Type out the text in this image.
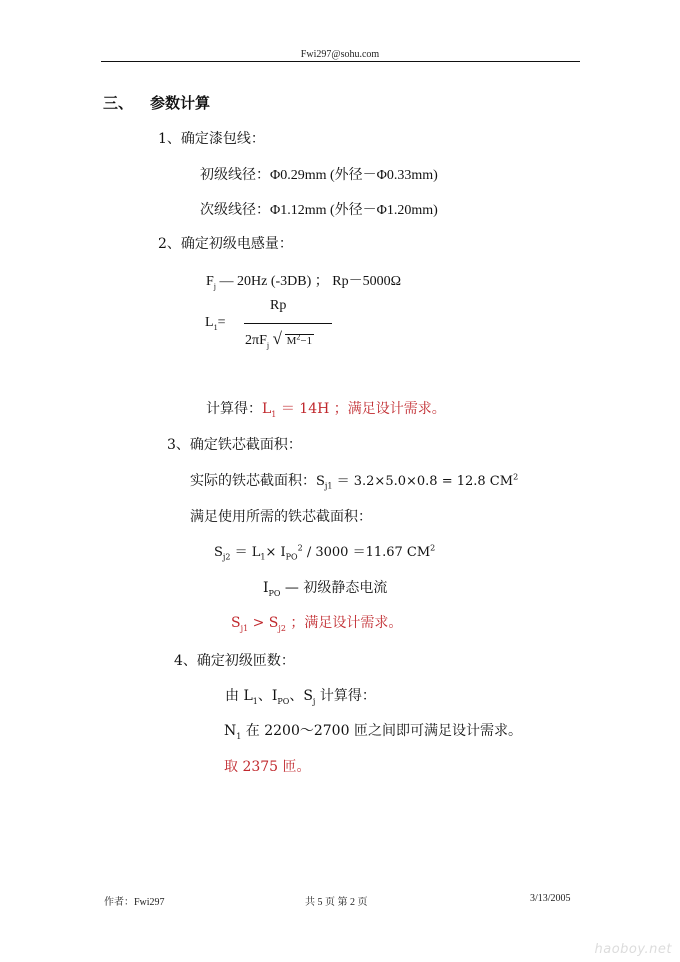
Fwi297@sohu.com
三、 参数计算
1、确定漆包线：
初级线径：Φ0.29mm (外径－Φ0.33mm)
次级线径：Φ1.12mm (外径－Φ1.20mm)
2、确定初级电感量：
$F_j$ — 20Hz (-3DB) ； Rp－5000Ω
Rp
$L_1=$
$2\pi F_j$ √ $M^2-1$
计算得：$L_1 = 14H$ ；满足设计需求。
3、确定铁芯截面积：
实际的铁芯截面积：$S_{j1} = 3.2\times 5.0\times 0.8 = 12.8$ $CM^2$
满足使用所需的铁芯截面积：
$S_{j2} = L_1\times I_{PO}^2 / 3000 =11.67$ $CM^2$
$I_{PO}$ — 初级静态电流
$S_{j1} > S_{j2}$ ；满足设计需求。
4、确定初级匝数：
由 $L_1$、$I_{PO}$、$S_j$ 计算得：
$N_1$ 在 2200～2700 匝之间即可满足设计需求。
取 2375 匝。
作者：Fwi297	共 5 页 第 2 页	3/13/2005
haoboy.net
